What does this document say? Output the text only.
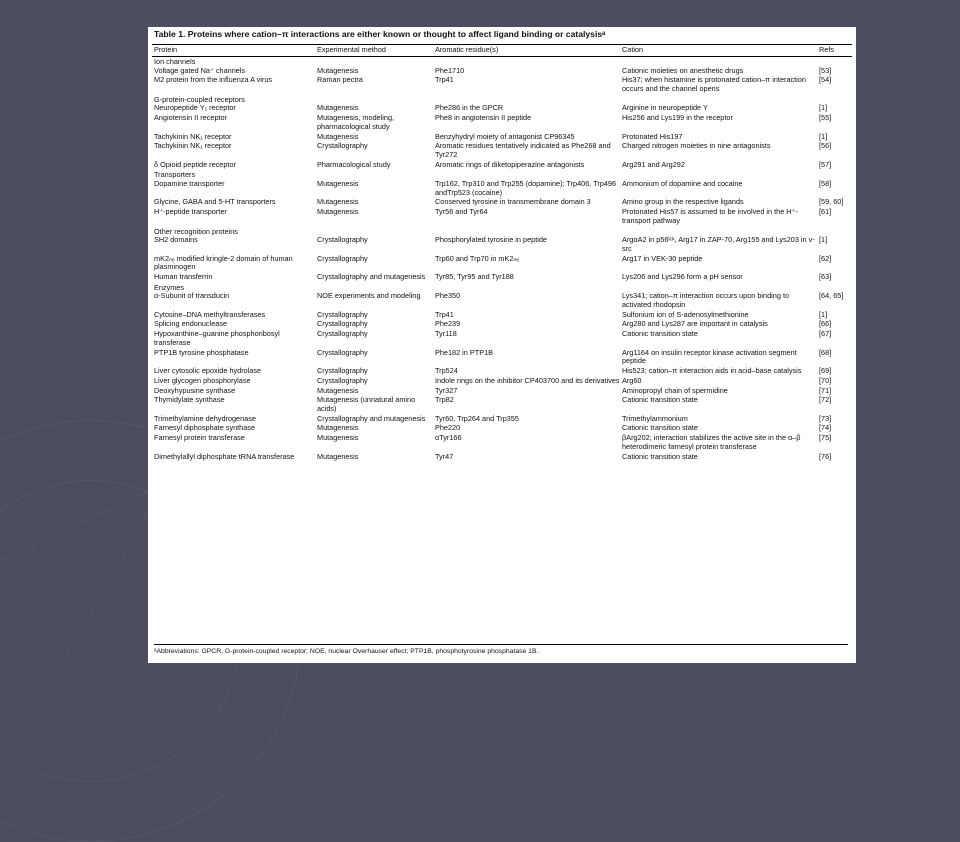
Table 1. Proteins where cation–π interactions are either known or thought to affect ligand binding or catalysisᵃ
Protein	Experimental method	Aromatic residue(s)	Cation	Refs
Ion channels				
Voltage gated Na⁺ channels	Mutagenesis	Phe1710	Cationic moieties on anesthetic drugs	[53]
M2 protein from the influenza A virus	Raman pectra	Trp41	His37; when histamine is protonated cation–π interaction occurs and the channel opens	[54]
G-protein-coupled receptors				
Neuropeptide Y₁ receptor	Mutagenesis	Phe286 in the GPCR	Arginine in neuropeptide Y	[1]
Angiotensin II receptor	Mutagenesis, modeling, pharmacological study	Phe8 in angiotensin II peptide	His256 and Lys199 in the receptor	[55]
Tachykinin NK₁ receptor	Mutagenesis	Benzyhydryl moiety of antagonist CP96345	Protonated His197	[1]
Tachykinin NK₁ receptor	Crystallography	Aromatic residues tentatively indicated as Phe268 and Tyr272	Charged nitrogen moieties in nine antagonists	[56]
δ Opioid peptide receptor	Pharmacological study	Aromatic rings of diketopiperazine antagonists	Arg291 and Arg292	[57]
Transporters				
Dopamine transporter	Mutagenesis	Trp162, Trp310 and Trp255 (dopamine); Trp406, Trp496 andTrp523 (cocaine)	Ammonium of dopamine and cocaine	[58]
Glycine, GABA and 5-HT transporters	Mutagenesis	Conserved tyrosine in transmembrane domain 3	Amino group in the respective ligands	[59, 60]
H⁺-peptide transporter	Mutagenesis	Tyr56 and Tyr64	Protonated His57 is assumed to be involved in the H⁺-transport pathway	[61]
Other recognition proteins				
SH2 domains	Crystallography	Phosphorylated tyrosine in peptide	ArgαA2 in p56ˡᶜᵏ, Arg17 in ZAP-70, Arg155 and Lys203 in v-src	[1]
mK2ₙₑ modified kringle-2 domain of human plasminogen	Crystallography	Trp60 and Trp70 in mK2ₙₑ	Arg17 in VEK-30 peptide	[62]
Human transferrin	Crystallography and mutagenesis	Tyr85, Tyr95 and Tyr188	Lys206 and Lys296 form a pH sensor	[63]
Enzymes				
α-Subunit of transducin	NOE experiments and modeling	Phe350	Lys341; cation–π interaction occurs upon binding to activated rhodopsin	[64, 65]
Cytosine–DNA methyltransferases	Crystallography	Trp41	Sulfonium ion of S-adenosylmethionine	[1]
Splicing endonuclease	Crystallography	Phe239	Arg280 and Lys287 are important in catalysis	[66]
Hypoxanthine–guanine phosphoribosyl transferase	Crystallography	Tyr118	Cationic transition state	[67]
PTP1B tyrosine phosphatase	Crystallography	Phe182 in PTP1B	Arg1164 on insulin receptor kinase activation segment peptide	[68]
Liver cytosolic epoxide hydrolase	Crystallography	Trp524	His523; cation–π interaction aids in acid–base catalysis	[69]
Liver glycogen phosphorylase	Crystallography	Indole rings on the inhibitor CP403700 and its derivatives	Arg60	[70]
Deoxyhypusine synthase	Mutagenesis	Tyr327	Aminopropyl chain of spermidine	[71]
Thymidylate synthase	Mutagenesis (unnatural amino acids)	Trp82	Cationic transition state	[72]
Trimethylamine dehydrogenase	Crystallography and mutagenesis	Tyr60, Trp264 and Trp355	Trimethylammonium	[73]
Farnesyl diphosphate synthase	Mutagenesis	Phe220	Cationic transition state	[74]
Farnesyl protein transferase	Mutagenesis	αTyr166	βArg202; interaction stabilizes the active site in the α–β heterodimeric farnesyl protein transferase	[75]
Dimethylallyl diphosphate tRNA transferase	Mutagenesis	Tyr47	Cationic transition state	[76]
ᵃAbbreviations: GPCR, G-protein-coupled receptor; NOE, nuclear Overhauser effect; PTP1B, phosphotyrosine phosphatase 1B.
